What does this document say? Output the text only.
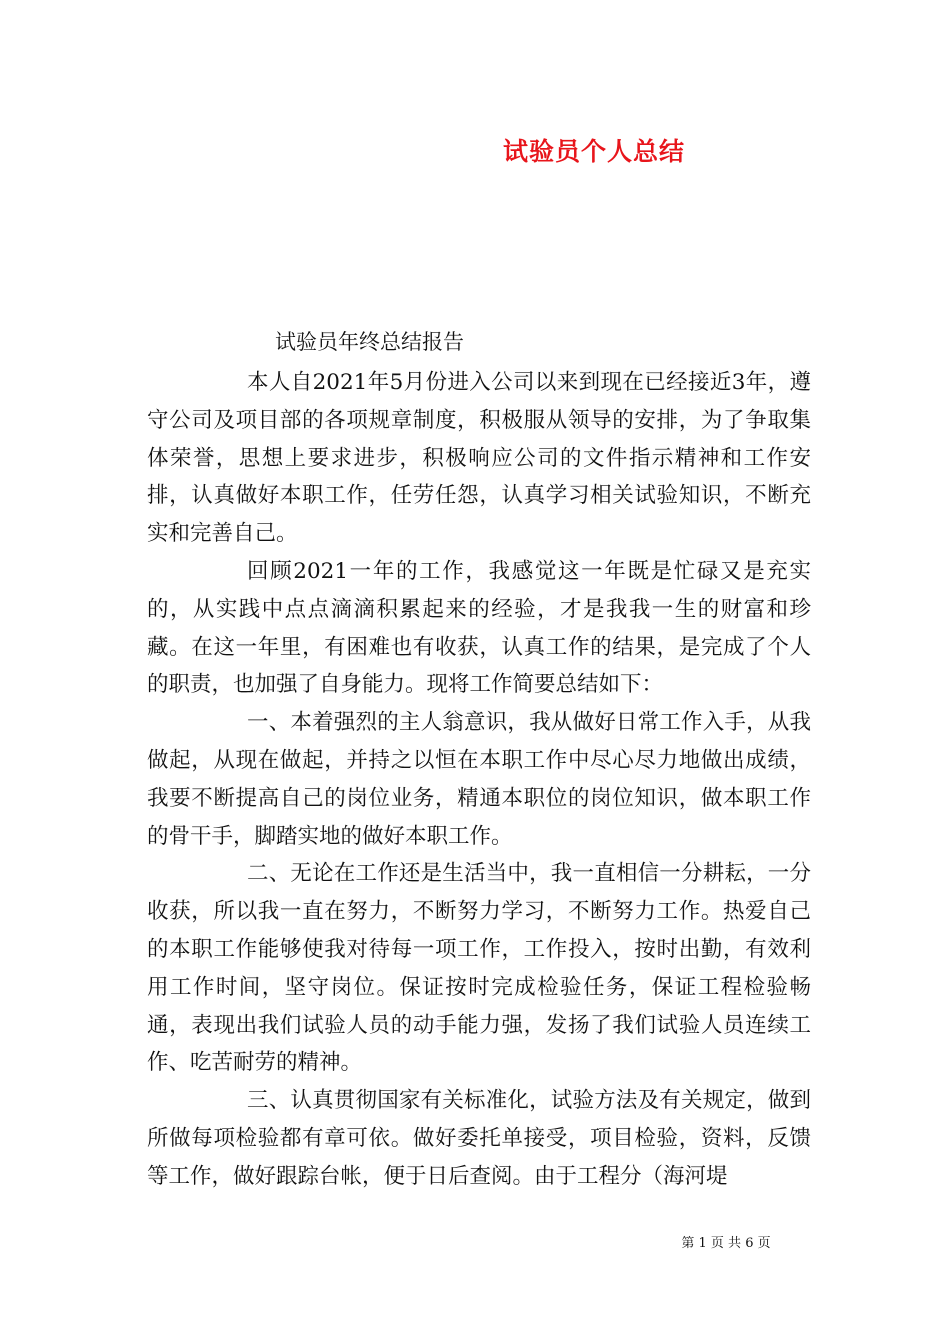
试验员个人总结

试验员年终总结报告

本人自2021年5月份进入公司以来到现在已经接近3年，遵守公司及项目部的各项规章制度，积极服从领导的安排，为了争取集体荣誉，思想上要求进步，积极响应公司的文件指示精神和工作安排，认真做好本职工作，任劳任怨，认真学习相关试验知识，不断充实和完善自己。

回顾2021一年的工作，我感觉这一年既是忙碌又是充实的，从实践中点点滴滴积累起来的经验，才是我我一生的财富和珍藏。在这一年里，有困难也有收获，认真工作的结果，是完成了个人的职责，也加强了自身能力。现将工作简要总结如下：

一、本着强烈的主人翁意识，我从做好日常工作入手，从我做起，从现在做起，并持之以恒在本职工作中尽心尽力地做出成绩，我要不断提高自己的岗位业务，精通本职位的岗位知识，做本职工作的骨干手，脚踏实地的做好本职工作。

二、无论在工作还是生活当中，我一直相信一分耕耘，一分收获，所以我一直在努力，不断努力学习，不断努力工作。热爱自己的本职工作能够使我对待每一项工作，工作投入，按时出勤，有效利用工作时间，坚守岗位。保证按时完成检验任务，保证工程检验畅通，表现出我们试验人员的动手能力强，发扬了我们试验人员连续工作、吃苦耐劳的精神。

三、认真贯彻国家有关标准化，试验方法及有关规定，做到所做每项检验都有章可依。做好委托单接受，项目检验，资料，反馈等工作，做好跟踪台帐，便于日后查阅。由于工程分（海河堤

第 1 页 共 6 页
